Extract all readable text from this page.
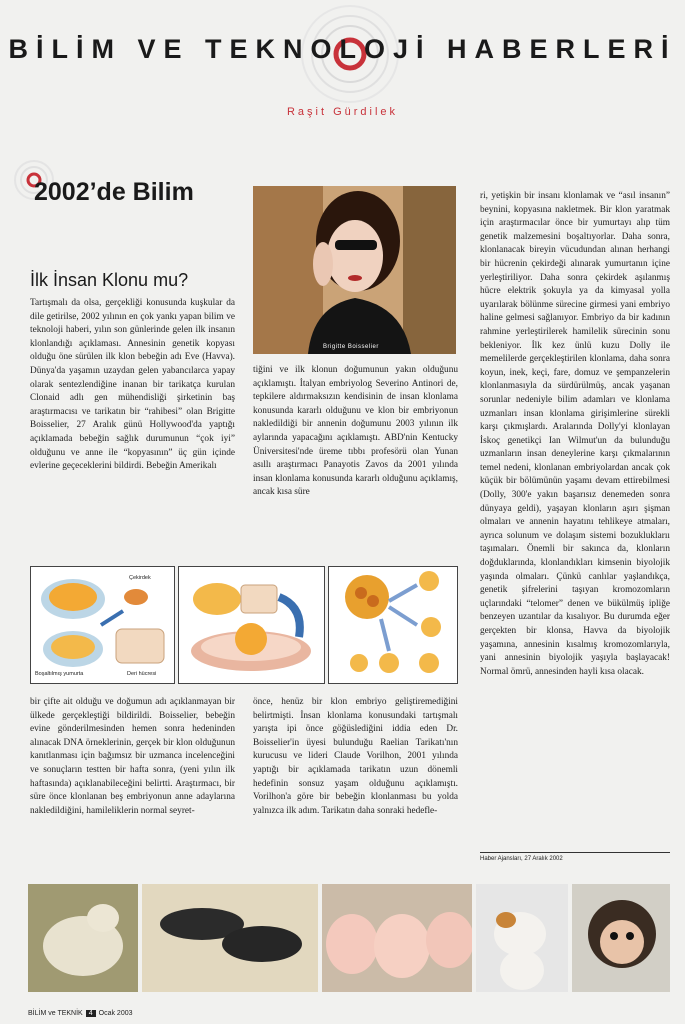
BİLİM VE TEKNOLOJİ HABERLERİ
Raşit Gürdilek
2002’de Bilim
İlk İnsan Klonu mu?

Tartışmalı da olsa, gerçekliği konusunda kuşkular da dile getirilse, 2002 yılının en çok yankı yapan bilim ve teknoloji haberi, yılın son günlerinde gelen ilk insanın klonlandığı açıklaması. Annesinin genetik kopyası olduğu öne sürülen ilk klon bebeğin adı Eve (Havva). Dünya'da yaşamın uzaydan gelen yabancılarca yapay olarak sentezlendiğine inanan bir tarikatça kurulan Clonaid adlı gen mühendisliği şirketinin baş araştırmacısı ve tarikatın bir “rahibesi” olan Brigitte Boisselier, 27 Aralık günü Hollywood'da yaptığı açıklamada bebeğin sağlık durumunun “çok iyi” olduğunu ve anne ile “kopyasının” üç gün içinde evlerine geçeceklerini bildirdi. Bebeğin Amerikalı

Brigitte Boisselier

tiğini ve ilk klonun doğumunun yakın olduğunu açıklamıştı. İtalyan embriyolog Severino Antinori de, tepkilere aldırmaksızın kendisinin de insan klonlama konusunda kararlı olduğunu ve klon bir embriyonun nakledildiği bir annenin doğumunu 2003 yılının ilk aylarında yapacağını açıklamıştı. ABD'nin Kentucky Üniversitesi'nde üreme tıbbı profesörü olan Yunan asıllı araştırmacı Panayotis Zavos da 2001 yılında insan klonlama konusunda kararlı olduğunu açıklamış, ancak kısa süre

ri, yetişkin bir insanı klonlamak ve “asıl insanın” beynini, kopyasına nakletmek. Bir klon yaratmak için araştırmacılar önce bir yumurtayı alıp tüm genetik malzemesini boşaltıyorlar. Daha sonra, klonlanacak bireyin vücudundan alınan herhangi bir hücrenin çekirdeği alınarak yumurtanın içine yerleştiriliyor. Daha sonra çekirdek aşılanmış hücre elektrik şokuyla ya da kimyasal yolla uyarılarak bölünme sürecine girmesi yani embriyo haline gelmesi sağlanıyor. Embriyo da bir kadının rahmine yerleştirilerek hamilelik sürecinin sonu bekleniyor. İlk kez ünlü kuzu Dolly ile memelilerde gerçekleştirilen klonlama, daha sonra koyun, inek, keçi, fare, domuz ve şempanzelerin klonlanmasıyla da sürdürülmüş, ancak yaşanan sorunlar nedeniyle bilim adamları ve klonlama uzmanları insan klonlama girişimlerine sürekli karşı çıkmışlardı. Aralarında Dolly'yi klonlayan İskoç genetikçi Ian Wilmut'un da bulunduğu uzmanların insan deneylerine karşı çıkmalarının temel nedeni, klonlanan embriyolardan ancak çok küçük bir bölümünün yaşamı devam ettirebilmesi (Dolly, 300'e yakın başarısız denemeden sonra dünyaya geldi), yaşayan klonların aşırı şişman olmaları ve annenin hayatını tehlikeye atmaları, ayrıca solunum ve dolaşım sistemi bozukluklarıı taşımaları. Önemli bir sakınca da, klonların doğduklarında, klonlandıkları kimsenin biyolojik yaşında olmaları. Çünkü canlılar yaşlandıkça, genetik şifrelerini taşıyan kromozomların uçlarındaki “telomer” denen ve bükülmüş ipliğe benzeyen uzantılar da kısalıyor. Bu durumda eğer gerçekten bir klonsa, Havva da biyolojik yaşamına, annesinin kısalmış kromozomlarıyla, yani annesinin biyolojik yaşıyla başlayacak! Normal ömrü, annesinden hayli kısa olacak.

Çekirdek
Boşaltılmış yumurta	Deri hücresi

bir çifte ait olduğu ve doğumun adı açıklanmayan bir ülkede gerçekleştiği bildirildi. Boisselier, bebeğin evine gönderilmesinden hemen sonra hedeninden alınacak DNA örneklerinin, gerçek bir klon olduğunun kanıtlanması için bağımsız bir uzmanca incelenceğini ve sonuçların testten bir hafta sonra, (yeni yılın ilk haftasında) açıklanabileceğini belirtti. Araştırmacı, bir süre önce klonlanan beş embriyonun anne adaylarına nakledildiğini, hamileliklerin normal seyret-

önce, henüz bir klon embriyo geliştiremediğini belirtmişti. İnsan klonlama konusundaki tartışmalı yarışta ipi önce göğüslediğini iddia eden Dr. Boisselier'in üyesi bulunduğu Raelian Tarikatı'nın kurucusu ve lideri Claude Vorilhon, 2001 yılında yaptığı bir açıklamada tarikatın uzun dönemli hedefinin sonsuz yaşam olduğunu açıklamıştı. Vorilhon'a göre bir bebeğin klonlanması bu yolda yalnızca ilk adım. Tarikatın daha sonraki hedefle-

Haber Ajansları, 27 Aralık 2002
BİLİM ve TEKNİK 4 Ocak 2003
